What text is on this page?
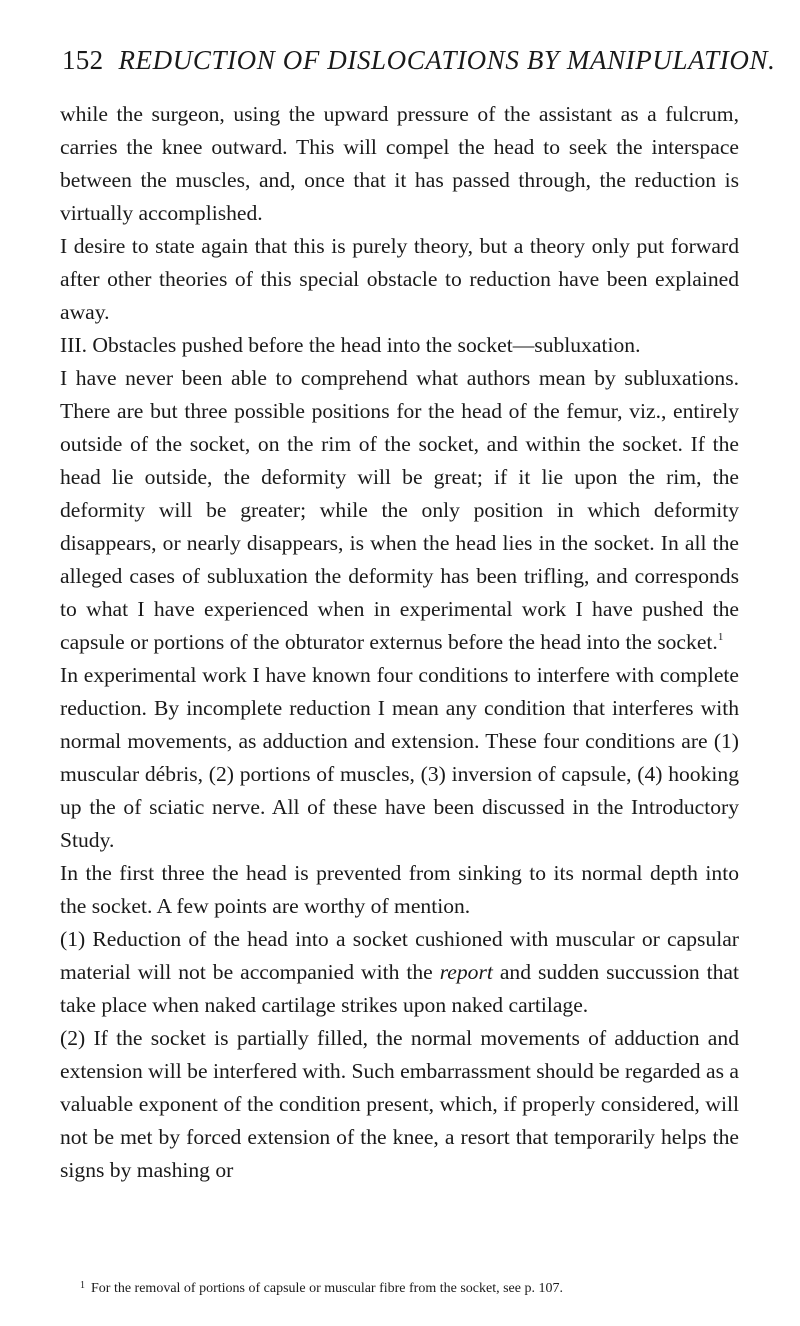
152 REDUCTION OF DISLOCATIONS BY MANIPULATION.

while the surgeon, using the upward pressure of the assistant as a fulcrum, carries the knee outward. This will compel the head to seek the interspace between the muscles, and, once that it has passed through, the reduction is virtually accomplished.

I desire to state again that this is purely theory, but a theory only put forward after other theories of this special obstacle to reduction have been explained away.

III. Obstacles pushed before the head into the socket—subluxation.

I have never been able to comprehend what authors mean by subluxations. There are but three possible positions for the head of the femur, viz., entirely outside of the socket, on the rim of the socket, and within the socket. If the head lie outside, the deformity will be great; if it lie upon the rim, the deformity will be greater; while the only position in which deformity disappears, or nearly disappears, is when the head lies in the socket. In all the alleged cases of subluxation the deformity has been trifling, and corresponds to what I have experienced when in experimental work I have pushed the capsule or portions of the obturator externus before the head into the socket.$^1$

In experimental work I have known four conditions to interfere with complete reduction. By incomplete reduction I mean any condition that interferes with normal movements, as adduction and extension. These four conditions are (1) muscular débris, (2) portions of muscles, (3) inversion of capsule, (4) hooking up the of sciatic nerve. All of these have been discussed in the Introductory Study.

In the first three the head is prevented from sinking to its normal depth into the socket. A few points are worthy of mention.

(1) Reduction of the head into a socket cushioned with muscular or capsular material will not be accompanied with the report and sudden succussion that take place when naked cartilage strikes upon naked cartilage.

(2) If the socket is partially filled, the normal movements of adduction and extension will be interfered with. Such embarrassment should be regarded as a valuable exponent of the condition present, which, if properly considered, will not be met by forced extension of the knee, a resort that temporarily helps the signs by mashing or

$^1$ For the removal of portions of capsule or muscular fibre from the socket, see p. 107.
